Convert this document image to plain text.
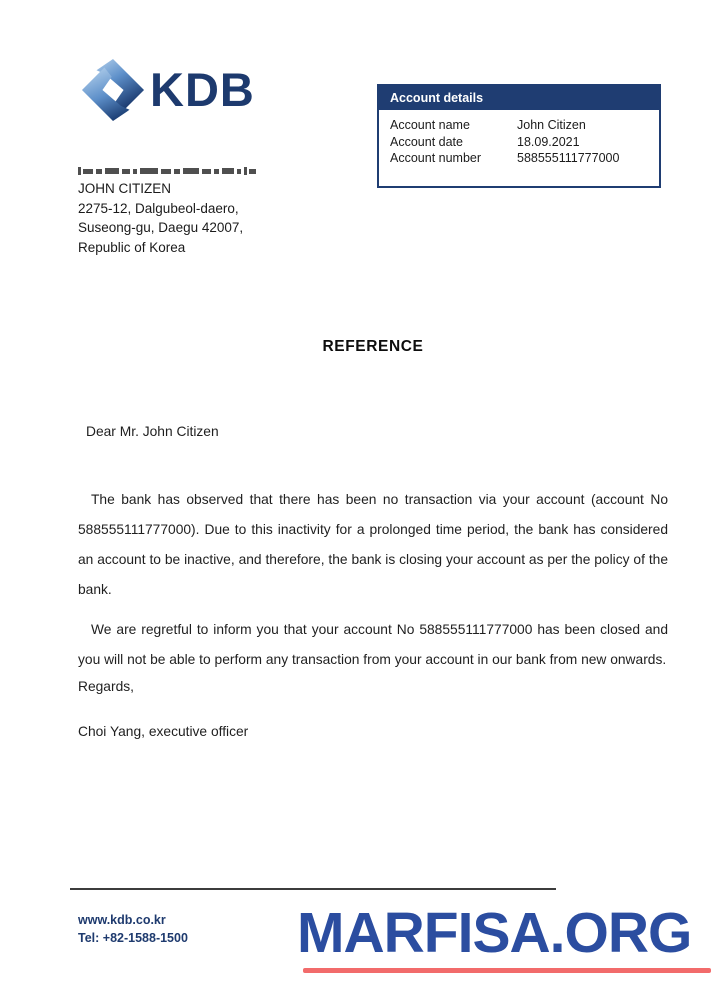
KDB	Account details
Account name	John Citizen
Account date	18.09.2021
Account number	588555111777000
JOHN CITIZEN
2275-12, Dalgubeol-daero,
Suseong-gu, Daegu 42007,
Republic of Korea
REFERENCE
Dear Mr. John Citizen

The bank has observed that there has been no transaction via your account (account No 588555111777000). Due to this inactivity for a prolonged time period, the bank has considered an account to be inactive, and therefore, the bank is closing your account as per the policy of the bank.

We are regretful to inform you that your account No 588555111777000 has been closed and you will not be able to perform any transaction from your account in our bank from new onwards.

Regards,
Choi Yang, executive officer
www.kdb.co.kr
Tel: +82-1588-1500 MARFISA.ORG
